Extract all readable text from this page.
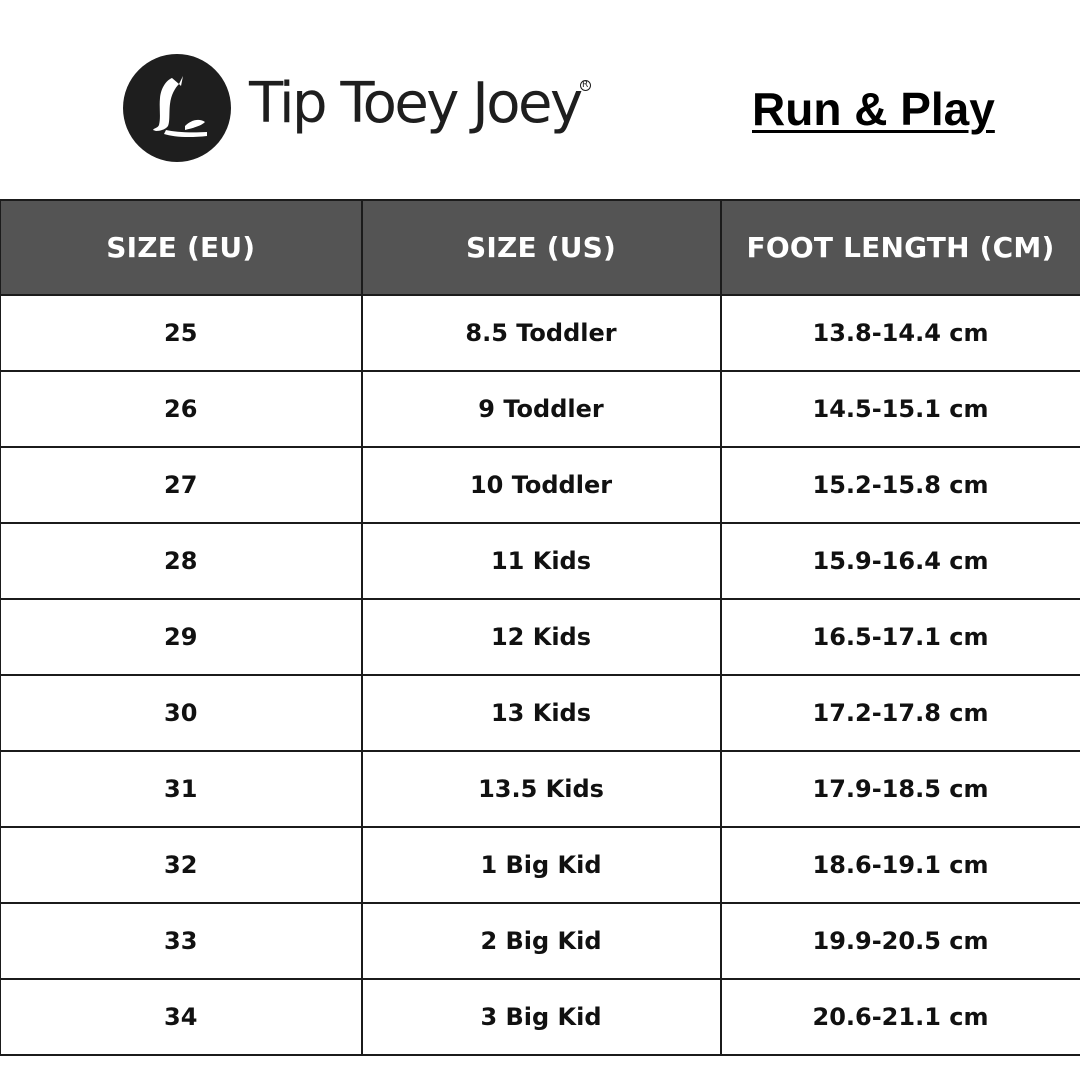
Tip Toey Joey R	Run & Play
SIZE (EU)	SIZE (US)	FOOT LENGTH (CM)
25	8.5 Toddler	13.8-14.4 cm
26	9 Toddler	14.5-15.1 cm
27	10 Toddler	15.2-15.8 cm
28	11 Kids	15.9-16.4 cm
29	12 Kids	16.5-17.1 cm
30	13 Kids	17.2-17.8 cm
31	13.5 Kids	17.9-18.5 cm
32	1 Big Kid	18.6-19.1 cm
33	2 Big Kid	19.9-20.5 cm
34	3 Big Kid	20.6-21.1 cm
